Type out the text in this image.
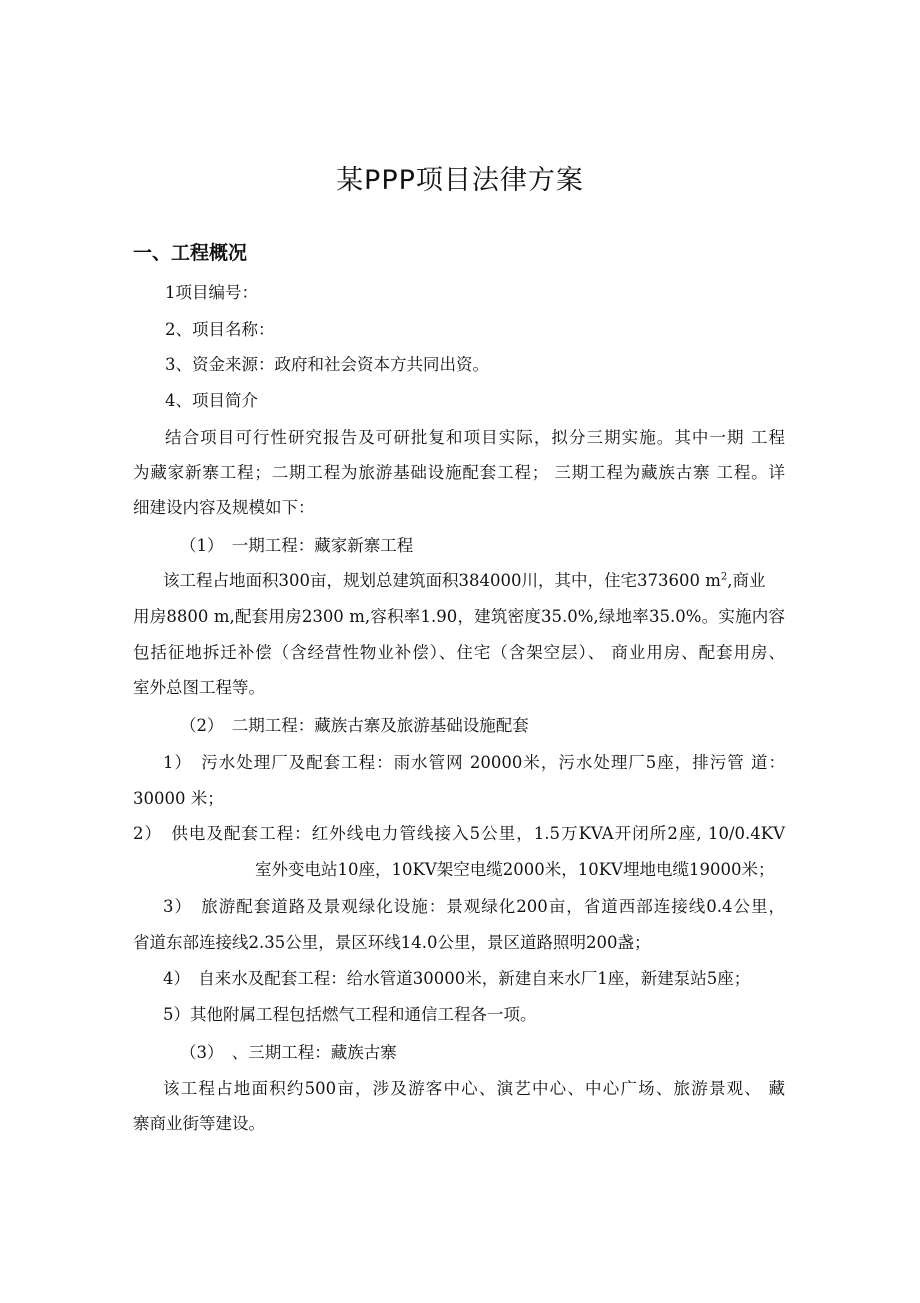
某PPP项目法律方案
一、工程概况
1项目编号：
2、项目名称：
3、资金来源：政府和社会资本方共同出资。
4、项目简介
结合项目可行性研究报告及可研批复和项目实际，拟分三期实施。其中一期 工程
为藏家新寨工程；二期工程为旅游基础设施配套工程； 三期工程为藏族古寨 工程。详
细建设内容及规模如下：
（1）　一期工程：藏家新寨工程
该工程占地面积300亩，规划总建筑面积384000川，其中，住宅373600 $m^2$,商业
用房8800 m,配套用房2300 m,容积率1.90，建筑密度35.0%,绿地率35.0%。实施内容
包括征地拆迁补偿（含经营性物业补偿）、住宅（含架空层）、 商业用房、配套用房、
室外总图工程等。
（2）　二期工程：藏族古寨及旅游基础设施配套
1）　污水处理厂及配套工程：雨水管网 20000米，污水处理厂5座，排污管 道：
30000 米；
2）　供电及配套工程：红外线电力管线接入5公里，1.5万KVA开闭所2座, 10/0.4KV
室外变电站10座，10KV架空电缆2000米，10KV埋地电缆19000米；
3）　旅游配套道路及景观绿化设施：景观绿化200亩，省道西部连接线0.4公里，
省道东部连接线2.35公里，景区环线14.0公里，景区道路照明200盏；
4）　自来水及配套工程：给水管道30000米，新建自来水厂1座，新建泵站5座；
5）其他附属工程包括燃气工程和通信工程各一项。
（3）　、三期工程：藏族古寨
该工程占地面积约500亩，涉及游客中心、演艺中心、中心广场、旅游景观、 藏
寨商业街等建设。
